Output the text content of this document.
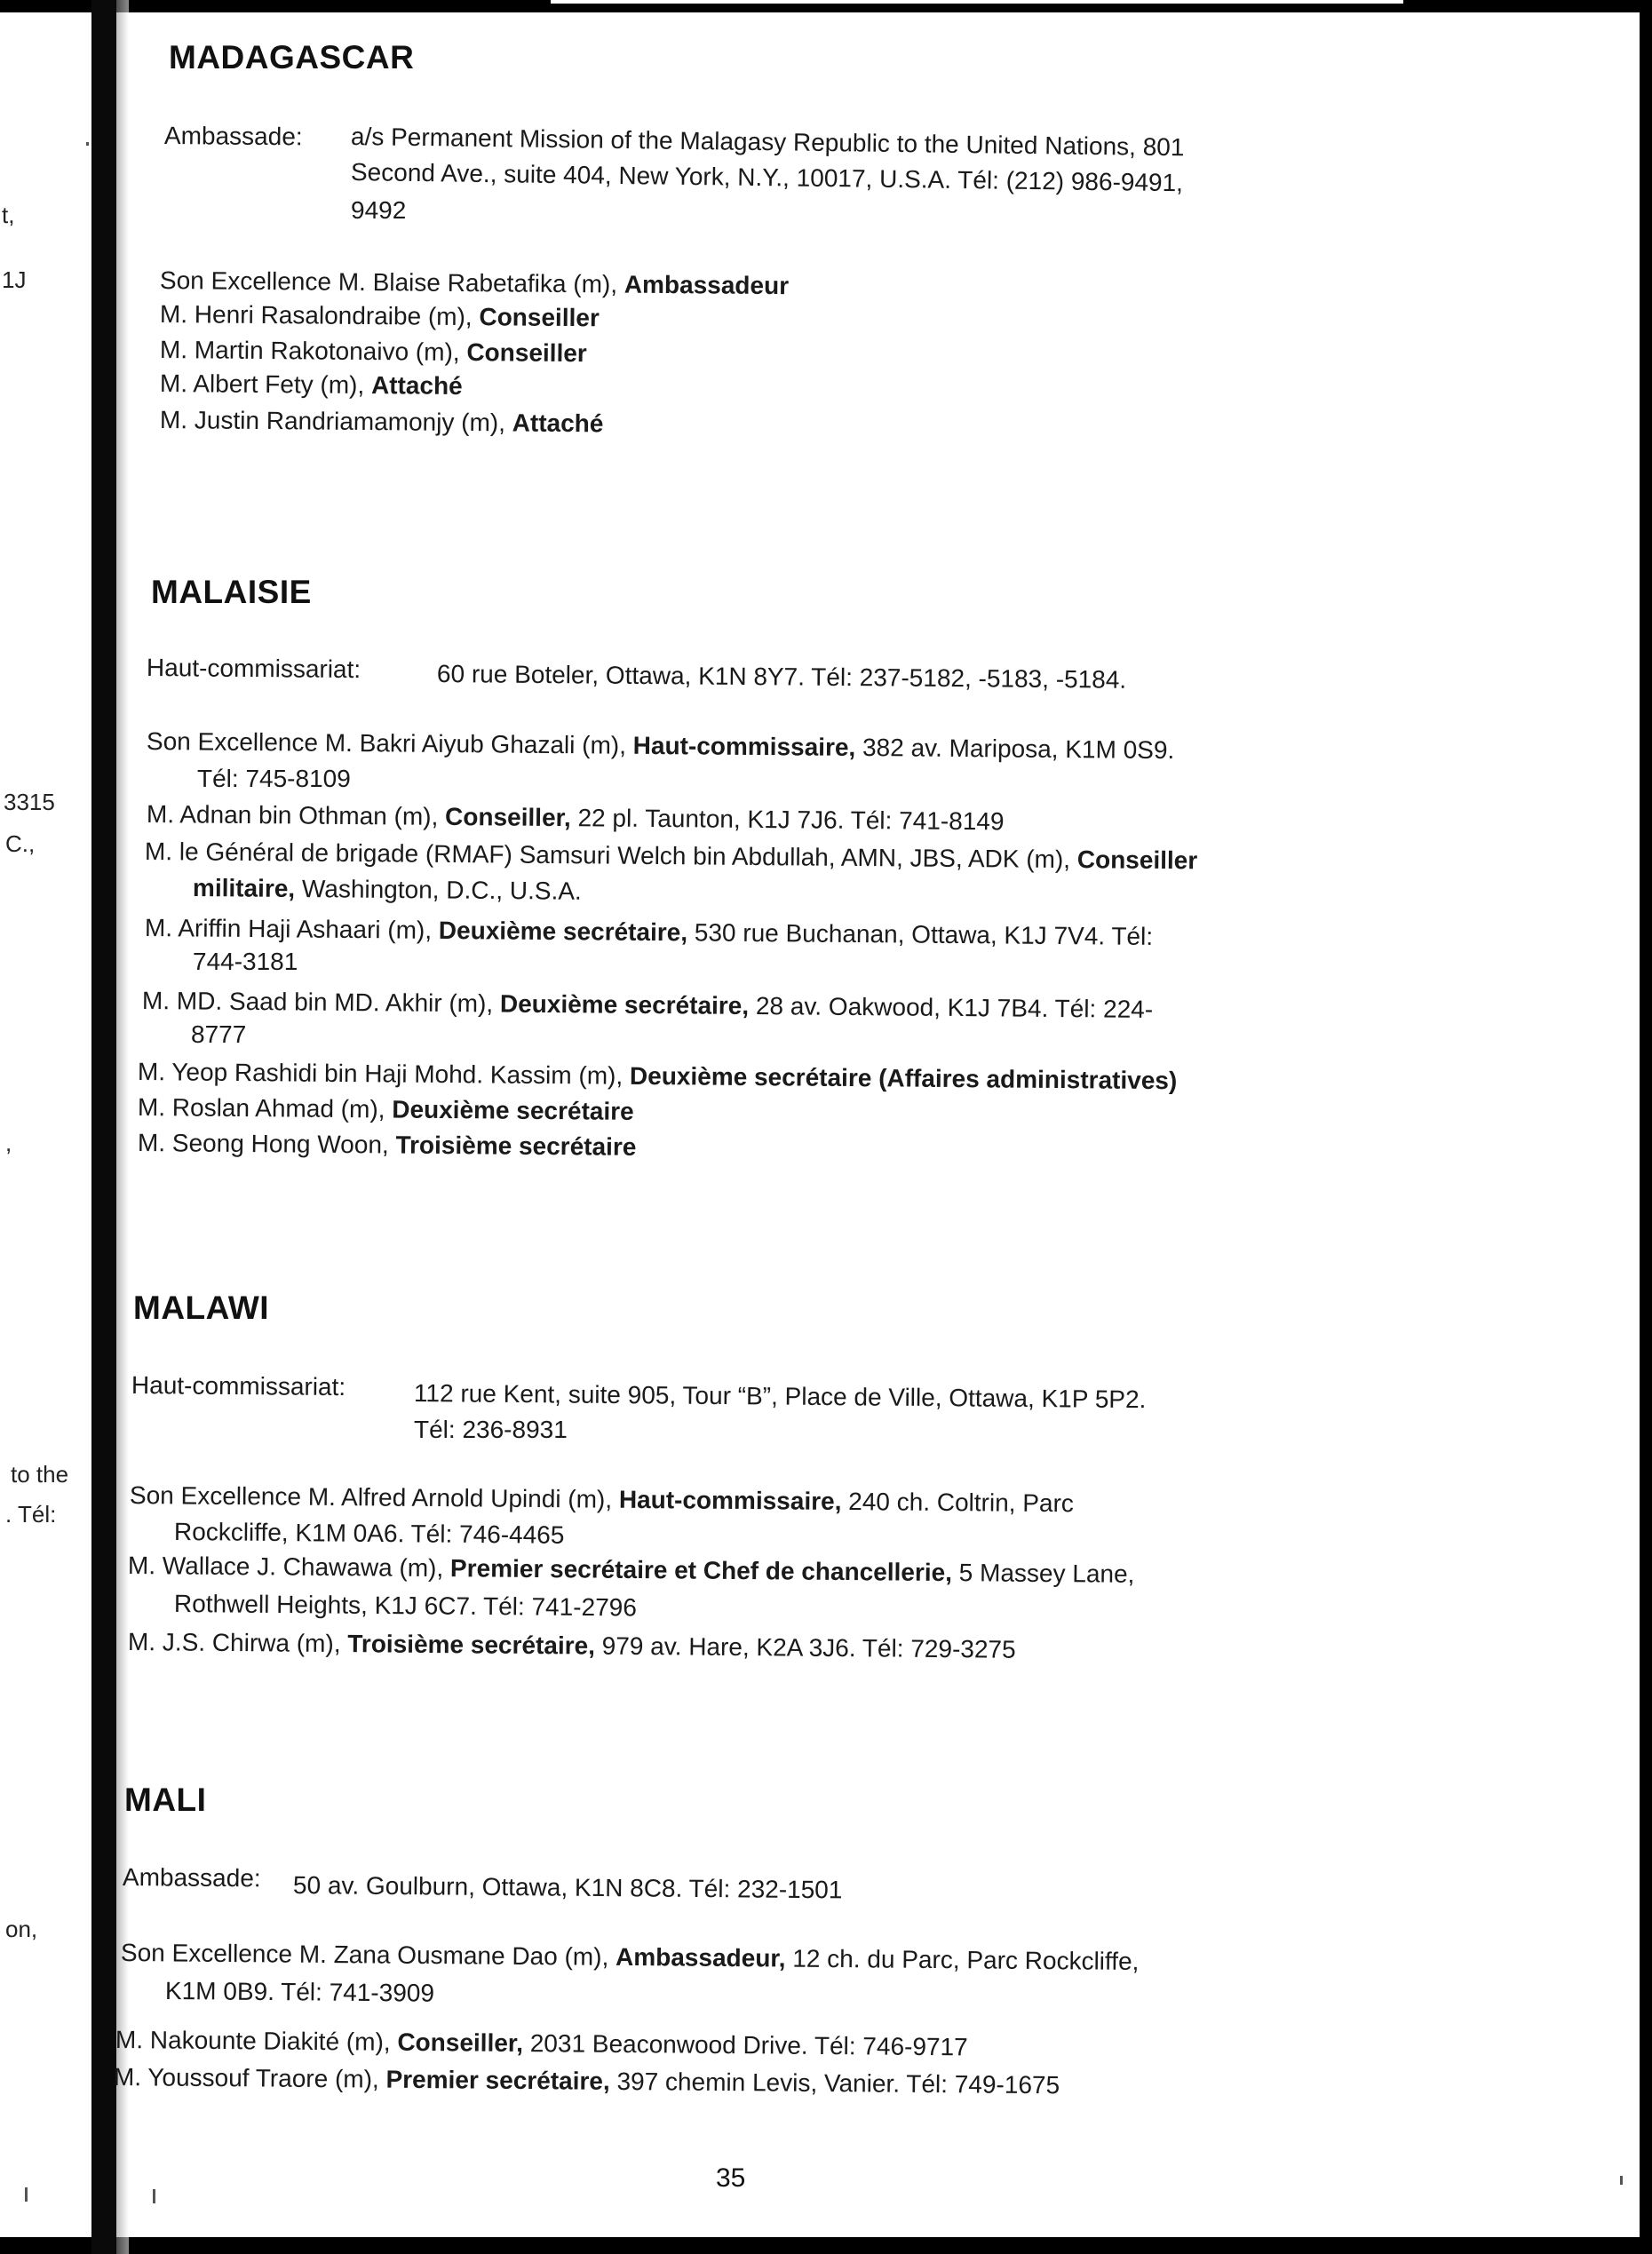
t,
1J
3315
C.,
,
to the
. Tél:
on,
MADAGASCAR
Ambassade: a/s Permanent Mission of the Malagasy Republic to the United Nations, 801
Second Ave., suite 404, New York, N.Y., 10017, U.S.A. Tél: (212) 986-9491,
9492
Son Excellence M. Blaise Rabetafika (m), Ambassadeur
M. Henri Rasalondraibe (m), Conseiller
M. Martin Rakotonaivo (m), Conseiller
M. Albert Fety (m), Attaché
M. Justin Randriamamonjy (m), Attaché
MALAISIE
Haut-commissariat:	60 rue Boteler, Ottawa, K1N 8Y7. Tél: 237-5182, -5183, -5184.
Son Excellence M. Bakri Aiyub Ghazali (m), Haut-commissaire, 382 av. Mariposa, K1M 0S9.
Tél: 745-8109
M. Adnan bin Othman (m), Conseiller, 22 pl. Taunton, K1J 7J6. Tél: 741-8149
M. le Général de brigade (RMAF) Samsuri Welch bin Abdullah, AMN, JBS, ADK (m), Conseiller
militaire, Washington, D.C., U.S.A.
M. Ariffin Haji Ashaari (m), Deuxième secrétaire, 530 rue Buchanan, Ottawa, K1J 7V4. Tél:
744-3181
M. MD. Saad bin MD. Akhir (m), Deuxième secrétaire, 28 av. Oakwood, K1J 7B4. Tél: 224-
8777
M. Yeop Rashidi bin Haji Mohd. Kassim (m), Deuxième secrétaire (Affaires administratives)
M. Roslan Ahmad (m), Deuxième secrétaire
M. Seong Hong Woon, Troisième secrétaire
MALAWI
Haut-commissariat:	112 rue Kent, suite 905, Tour “B”, Place de Ville, Ottawa, K1P 5P2.
Tél: 236-8931
Son Excellence M. Alfred Arnold Upindi (m), Haut-commissaire, 240 ch. Coltrin, Parc
Rockcliffe, K1M 0A6. Tél: 746-4465
M. Wallace J. Chawawa (m), Premier secrétaire et Chef de chancellerie, 5 Massey Lane,
Rothwell Heights, K1J 6C7. Tél: 741-2796
M. J.S. Chirwa (m), Troisième secrétaire, 979 av. Hare, K2A 3J6. Tél: 729-3275
MALI
Ambassade: 50 av. Goulburn, Ottawa, K1N 8C8. Tél: 232-1501
Son Excellence M. Zana Ousmane Dao (m), Ambassadeur, 12 ch. du Parc, Parc Rockcliffe,
K1M 0B9. Tél: 741-3909
M. Nakounte Diakité (m), Conseiller, 2031 Beaconwood Drive. Tél: 746-9717
M. Youssouf Traore (m), Premier secrétaire, 397 chemin Levis, Vanier. Tél: 749-1675
35
